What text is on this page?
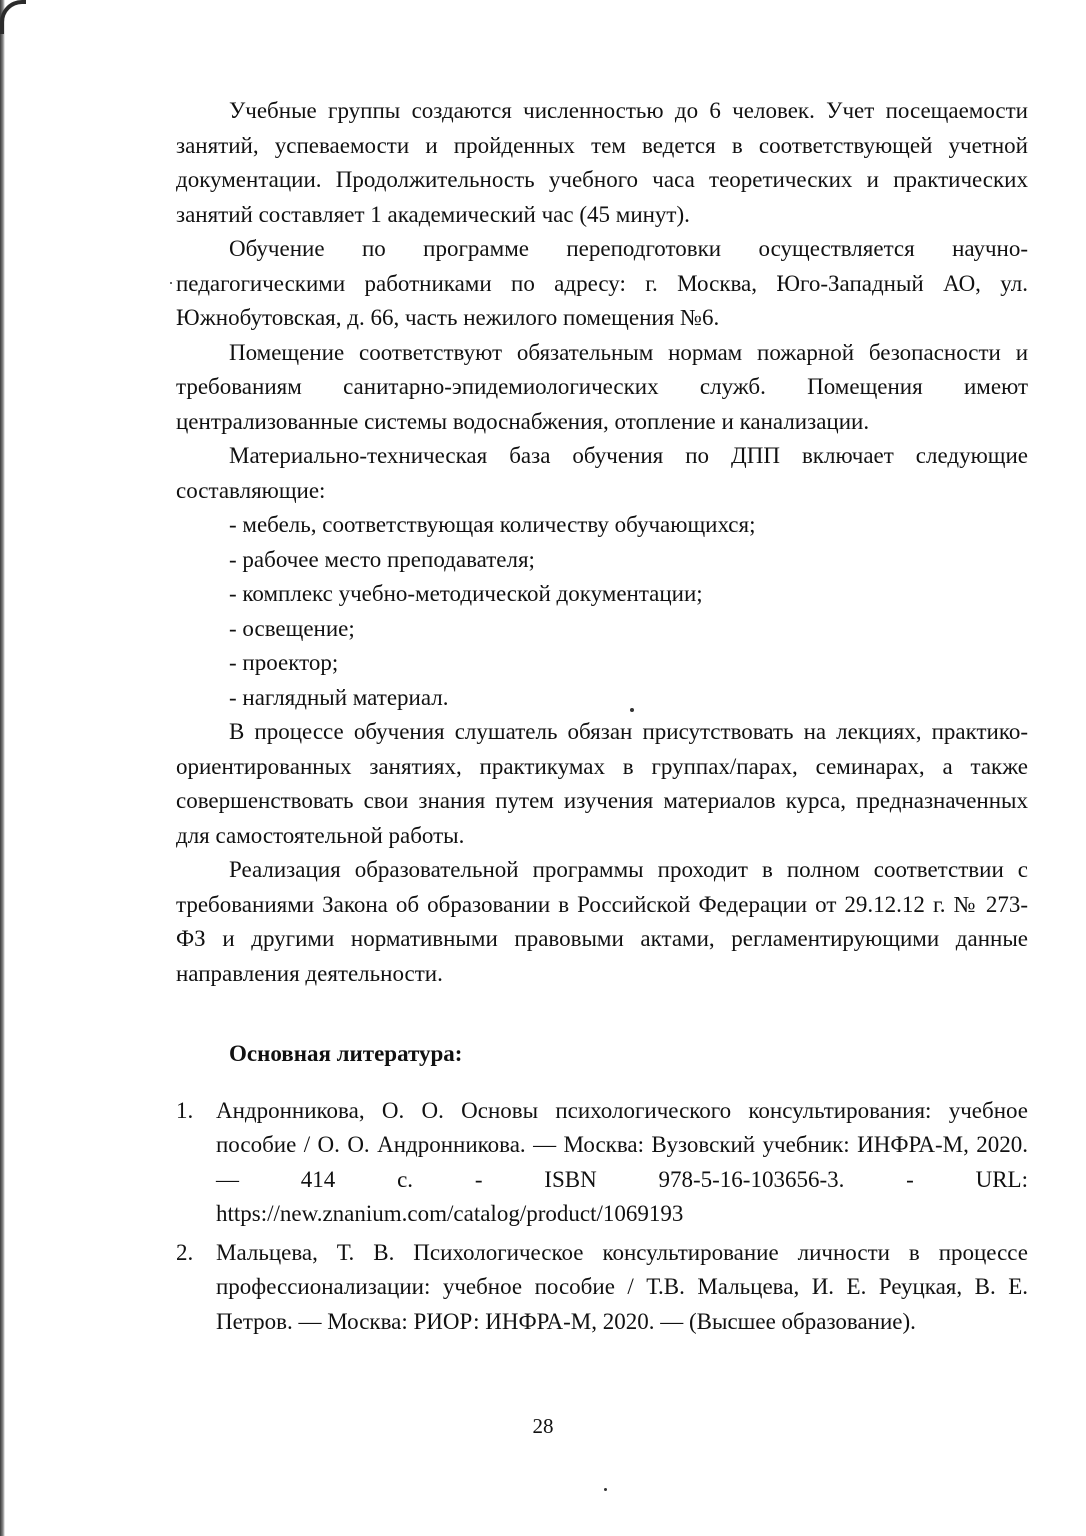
Учебные группы создаются численностью до 6 человек. Учет посещаемости занятий, успеваемости и пройденных тем ведется в соответствующей учетной документации. Продолжительность учебного часа теоретических и практических занятий составляет 1 академический час (45 минут).

Обучение по программе переподготовки осуществляется научно-педагогическими работниками по адресу: г. Москва, Юго-Западный АО, ул. Южнобутовская, д. 66, часть нежилого помещения №6.

Помещение соответствуют обязательным нормам пожарной безопасности и требованиям санитарно-эпидемиологических служб. Помещения имеют централизованные системы водоснабжения, отопление и канализации.

Материально-техническая база обучения по ДПП включает следующие составляющие:

- мебель, соответствующая количеству обучающихся;
- рабочее место преподавателя;
- комплекс учебно-методической документации;
- освещение;
- проектор;
- наглядный материал.

В процессе обучения слушатель обязан присутствовать на лекциях, практико-ориентированных занятиях, практикумах в группах/парах, семинарах, а также совершенствовать свои знания путем изучения материалов курса, предназначенных для самостоятельной работы.

Реализация образовательной программы проходит в полном соответствии с требованиями Закона об образовании в Российской Федерации от 29.12.12 г. № 273-ФЗ и другими нормативными правовыми актами, регламентирующими данные направления деятельности.

Основная литература:
1. Андронникова, О. О. Основы психологического консультирования: учебное пособие / О. О. Андронникова. — Москва: Вузовский учебник: ИНФРА-М, 2020. — 414 с. - ISBN 978-5-16-103656-3. - URL: https://new.znanium.com/catalog/product/1069193
2. Мальцева, Т. В. Психологическое консультирование личности в процессе профессионализации: учебное пособие / Т.В. Мальцева, И. Е. Реуцкая, В. Е. Петров. — Москва: РИОР: ИНФРА-М, 2020. — (Высшее образование).
28
